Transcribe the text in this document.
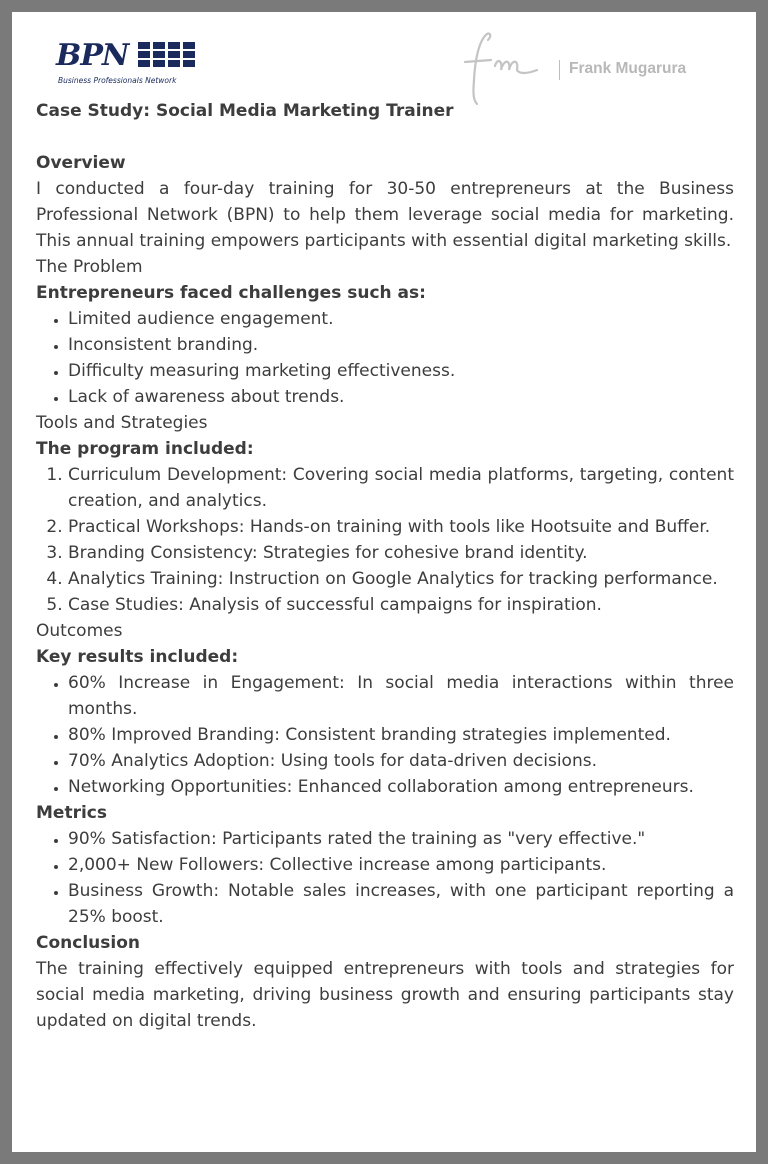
BPN
Business Professionals Network
Frank Mugarura
Case Study: Social Media Marketing Trainer
Overview

I conducted a four-day training for 30-50 entrepreneurs at the Business Professional Network (BPN) to help them leverage social media for marketing. This annual training empowers participants with essential digital marketing skills.

The Problem
Entrepreneurs faced challenges such as:
• Limited audience engagement.
• Inconsistent branding.
• Difficulty measuring marketing effectiveness.
• Lack of awareness about trends.
Tools and Strategies
The program included:
1. Curriculum Development: Covering social media platforms, targeting, content creation, and analytics.
2. Practical Workshops: Hands-on training with tools like Hootsuite and Buffer.
3. Branding Consistency: Strategies for cohesive brand identity.
4. Analytics Training: Instruction on Google Analytics for tracking performance.
5. Case Studies: Analysis of successful campaigns for inspiration.
Outcomes
Key results included:
• 60% Increase in Engagement: In social media interactions within three months.
• 80% Improved Branding: Consistent branding strategies implemented.
• 70% Analytics Adoption: Using tools for data-driven decisions.
• Networking Opportunities: Enhanced collaboration among entrepreneurs.
Metrics
• 90% Satisfaction: Participants rated the training as "very effective."
• 2,000+ New Followers: Collective increase among participants.
• Business Growth: Notable sales increases, with one participant reporting a 25% boost.
Conclusion

The training effectively equipped entrepreneurs with tools and strategies for social media marketing, driving business growth and ensuring participants stay updated on digital trends.
